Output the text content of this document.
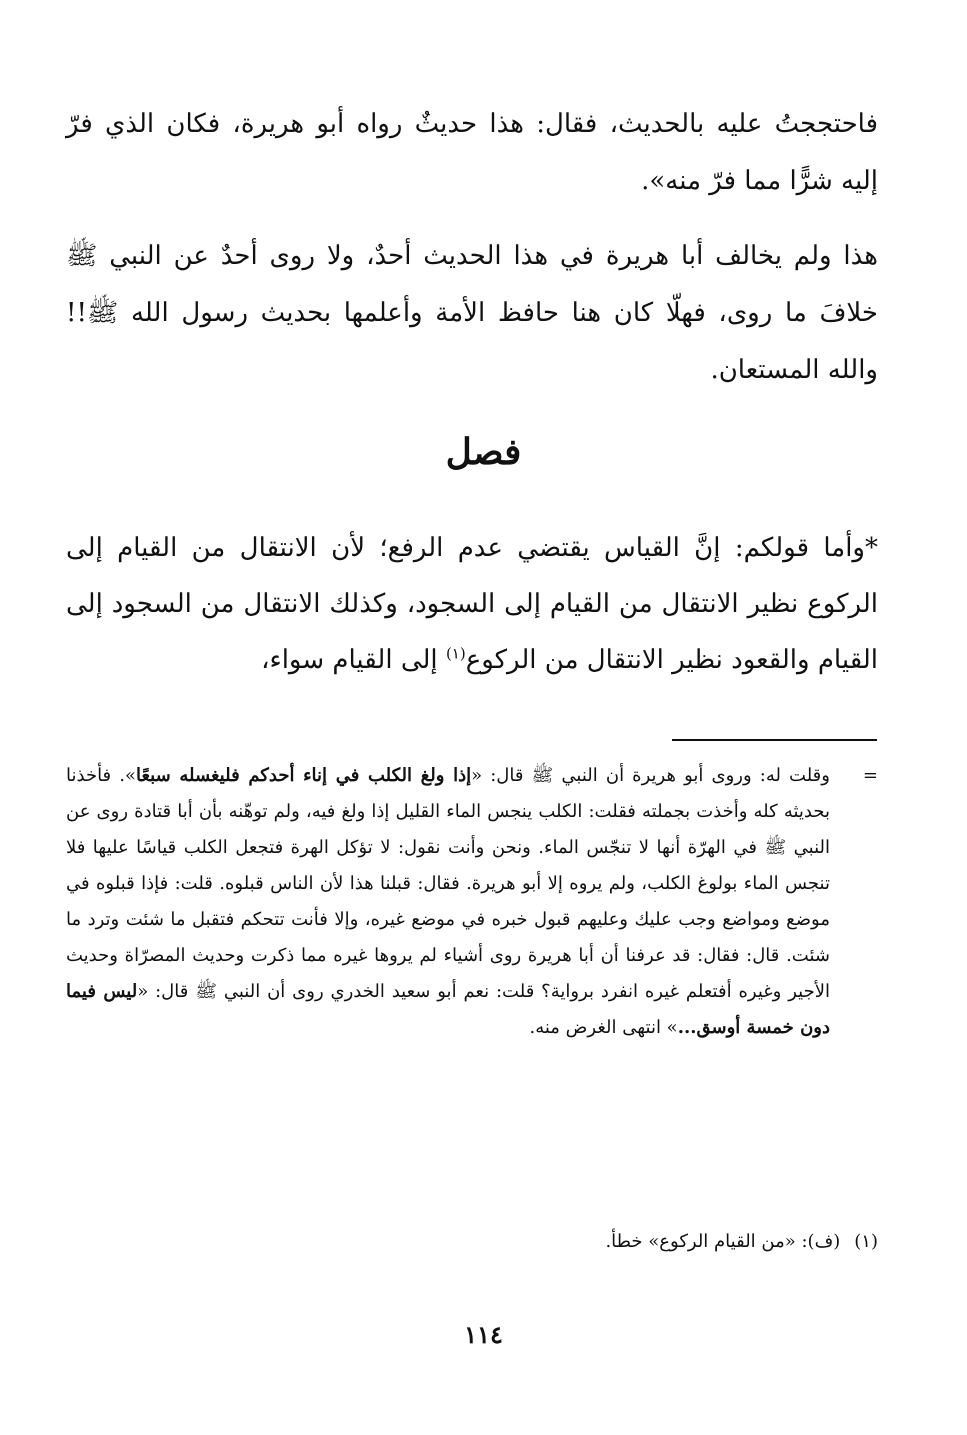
فاحتججتُ عليه بالحديث، فقال: هذا حديثٌ رواه أبو هريرة، فكان الذي فرّ إليه شرًّا مما فرّ منه».

هذا ولم يخالف أبا هريرة في هذا الحديث أحدٌ، ولا روى أحدٌ عن النبي ﷺ خلافَ ما روى، فهلّا كان هنا حافظ الأمة وأعلمها بحديث رسول الله ﷺ!! والله المستعان.

فصل

*وأما قولكم: إنَّ القياس يقتضي عدم الرفع؛ لأن الانتقال من القيام إلى الركوع نظير الانتقال من القيام إلى السجود، وكذلك الانتقال من السجود إلى القيام والقعود نظير الانتقال من الركوع$^{(١)}$ إلى القيام سواء،

=
وقلت له: وروى أبو هريرة أن النبي ﷺ قال: «إذا ولغ الكلب في إناء أحدكم فليغسله سبعًا». فأخذنا بحديثه كله وأخذت بجملته فقلت: الكلب ينجس الماء القليل إذا ولغ فيه، ولم توهّنه بأن أبا قتادة روى عن النبي ﷺ في الهرّة أنها لا تنجّس الماء. ونحن وأنت نقول: لا تؤكل الهرة فتجعل الكلب قياسًا عليها فلا تنجس الماء بولوغ الكلب، ولم يروه إلا أبو هريرة. فقال: قبلنا هذا لأن الناس قبلوه. قلت: فإذا قبلوه في موضع ومواضع وجب عليك وعليهم قبول خبره في موضع غيره، وإلا فأنت تتحكم فتقبل ما شئت وترد ما شئت. قال: فقال: قد عرفنا أن أبا هريرة روى أشياء لم يروها غيره مما ذكرت وحديث المصرّاة وحديث الأجير وغيره أفتعلم غيره انفرد برواية؟ قلت: نعم أبو سعيد الخدري روى أن النبي ﷺ قال: «ليس فيما دون خمسة أوسق...» انتهى الغرض منه.
(١)(ف): «من القيام الركوع» خطأ.
١١٤
